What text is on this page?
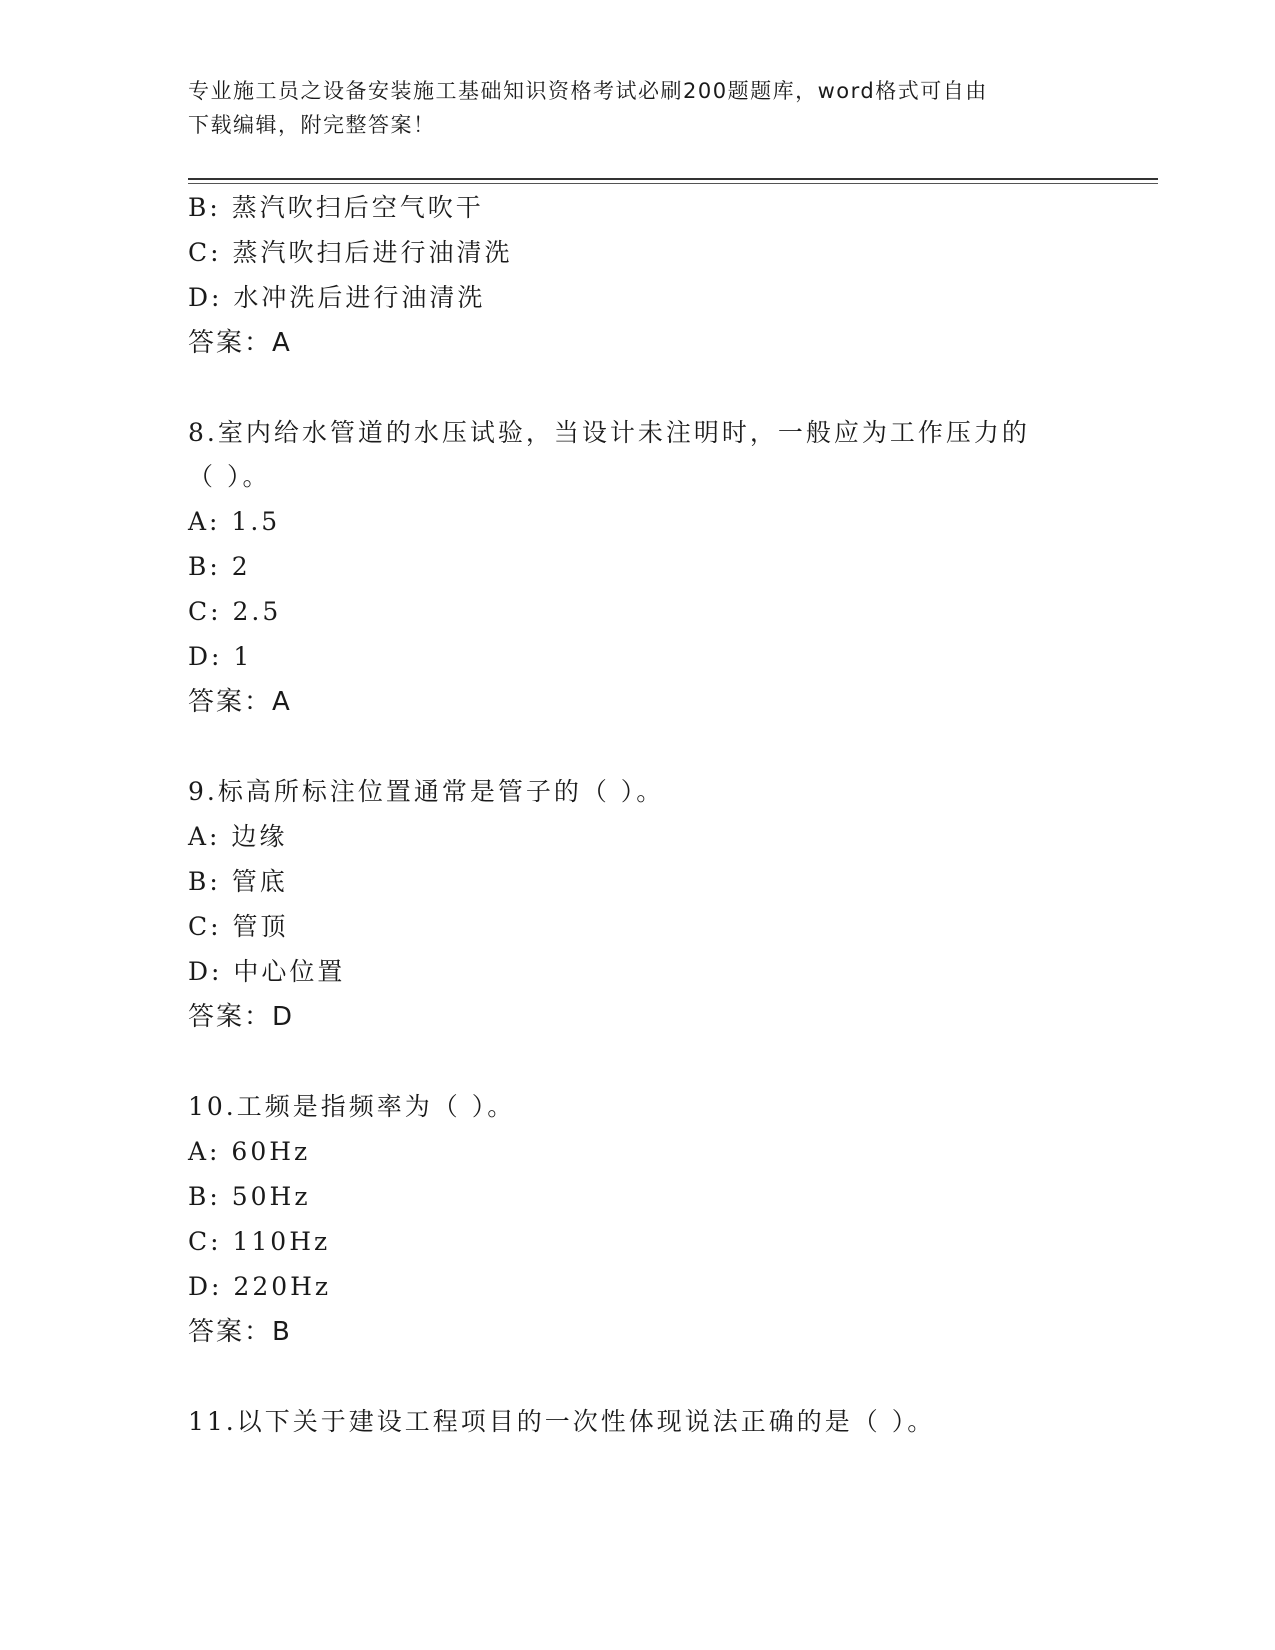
专业施工员之设备安装施工基础知识资格考试必刷200题题库，word格式可自由
下载编辑，附完整答案！
B: 蒸汽吹扫后空气吹干
C: 蒸汽吹扫后进行油清洗
D: 水冲洗后进行油清洗
答案：A
8.室内给水管道的水压试验，当设计未注明时，一般应为工作压力的
（ ）。
A: 1.5
B: 2
C: 2.5
D: 1
答案：A
9.标高所标注位置通常是管子的（ ）。
A: 边缘
B: 管底
C: 管顶
D: 中心位置
答案：D
10.工频是指频率为（ ）。
A: 60Hz
B: 50Hz
C: 110Hz
D: 220Hz
答案：B
11.以下关于建设工程项目的一次性体现说法正确的是（ ）。
